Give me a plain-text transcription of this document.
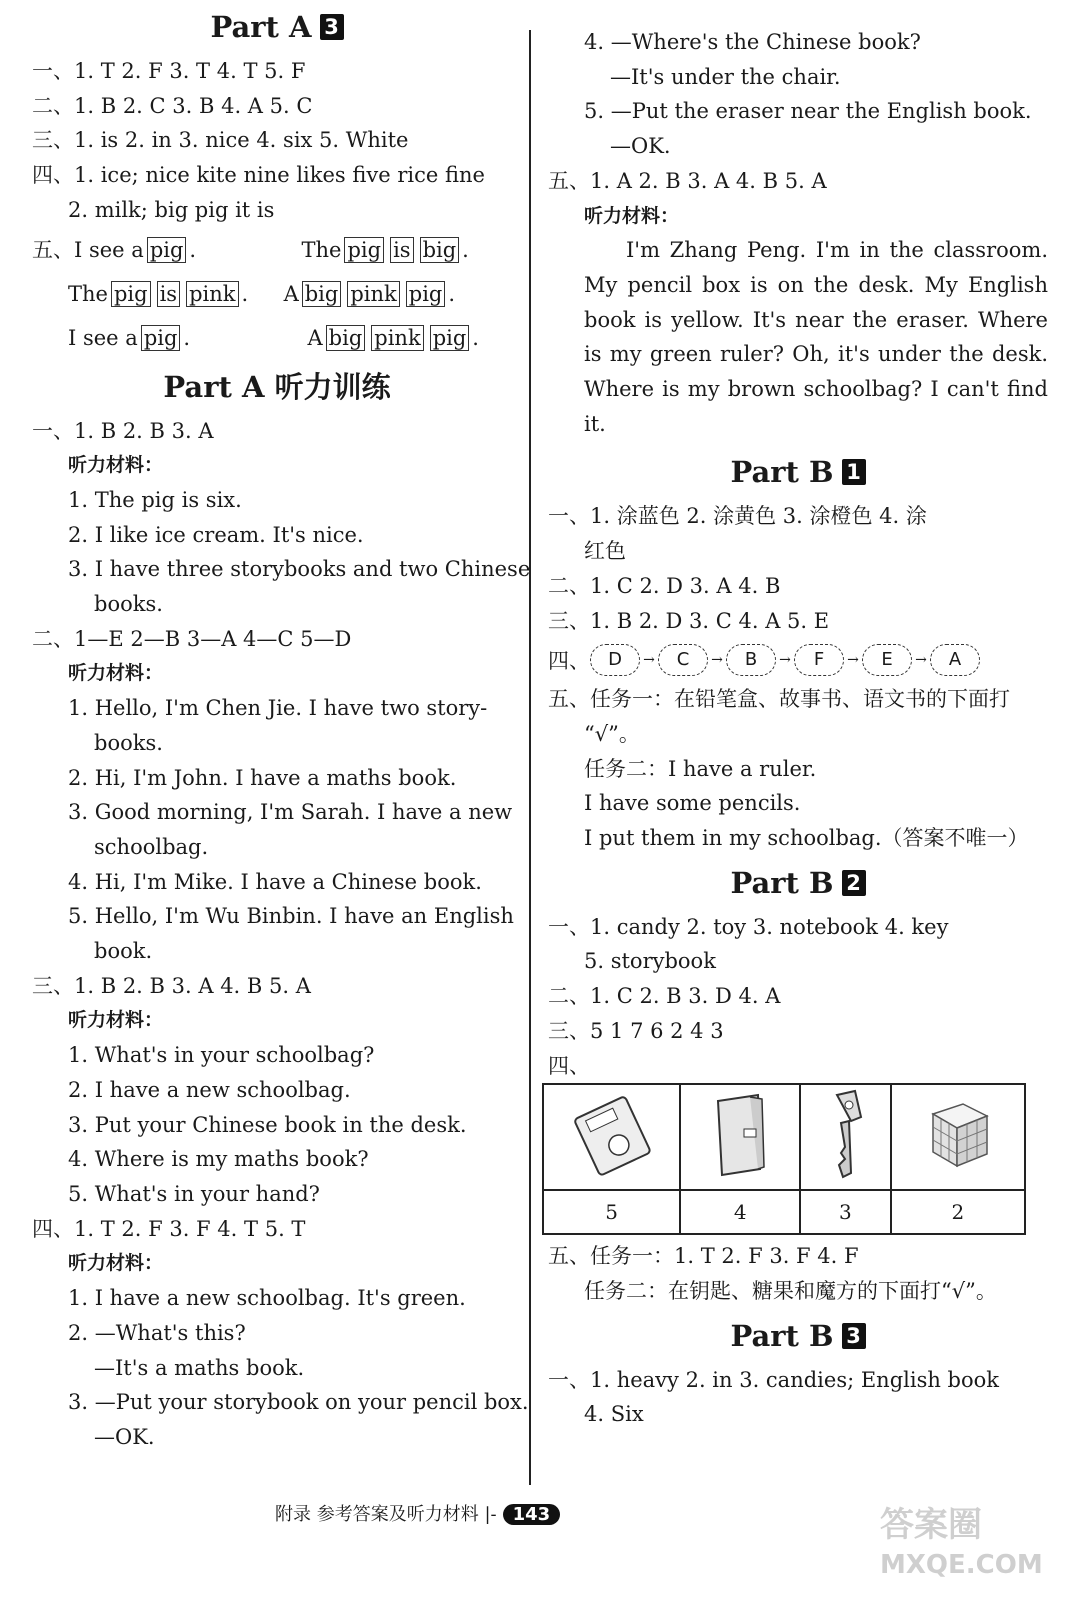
Part A 3
一、1. T 2. F 3. T 4. T 5. F
二、1. B 2. C 3. B 4. A 5. C
三、1. is 2. in 3. nice 4. six 5. White
四、1. ice; nice kite nine likes five rice fine
2. milk; big pig it is
五、I see a pig .	The pig is big .
The pig is pink . A big pink pig .
I see a pig .	A big pink pig .
Part A 听力训练
一、1. B 2. B 3. A
听力材料：
1. The pig is six.
2. I like ice cream. It's nice.
3. I have three storybooks and two Chinese
books.
二、1—E 2—B 3—A 4—C 5—D
听力材料：
1. Hello, I'm Chen Jie. I have two story-
books.
2. Hi, I'm John. I have a maths book.
3. Good morning, I'm Sarah. I have a new
schoolbag.
4. Hi, I'm Mike. I have a Chinese book.
5. Hello, I'm Wu Binbin. I have an English
book.
三、1. B 2. B 3. A 4. B 5. A
听力材料：
1. What's in your schoolbag?
2. I have a new schoolbag.
3. Put your Chinese book in the desk.
4. Where is my maths book?
5. What's in your hand?
四、1. T 2. F 3. F 4. T 5. T
听力材料：
1. I have a new schoolbag. It's green.
2. —What's this?
—It's a maths book.
3. —Put your storybook on your pencil box.
—OK.
4. —Where's the Chinese book?
—It's under the chair.
5. —Put the eraser near the English book.
—OK.
五、1. A 2. B 3. A 4. B 5. A
听力材料：
I'm Zhang Peng. I'm in the classroom. My pencil box is on the desk. My English book is yellow. It's near the eraser. Where is my green ruler? Oh, it's under the desk. Where is my brown schoolbag? I can't find it.
Part B 1
一、1. 涂蓝色 2. 涂黄色 3. 涂橙色 4. 涂
红色
二、1. C 2. D 3. A 4. B
三、1. B 2. D 3. C 4. A 5. E
四、	D	→	C	→	B	→	F	→	E	→	A
五、任务一：在铅笔盒、故事书、语文书的下面打
“√”。
任务二：I have a ruler.
I have some pencils.
I put them in my schoolbag.（答案不唯一）
Part B 2
一、1. candy 2. toy 3. notebook 4. key
5. storybook
二、1. C 2. B 3. D 4. A
三、5 1 7 6 2 4 3
四、

5	4	3	2
五、任务一：1. T 2. F 3. F 4. F
任务二：在钥匙、糖果和魔方的下面打“√”。
Part B 3
一、1. heavy 2. in 3. candies; English book
4. Six
附录 参考答案及听力材料 |- 143	答案圈
MXQE.COM
